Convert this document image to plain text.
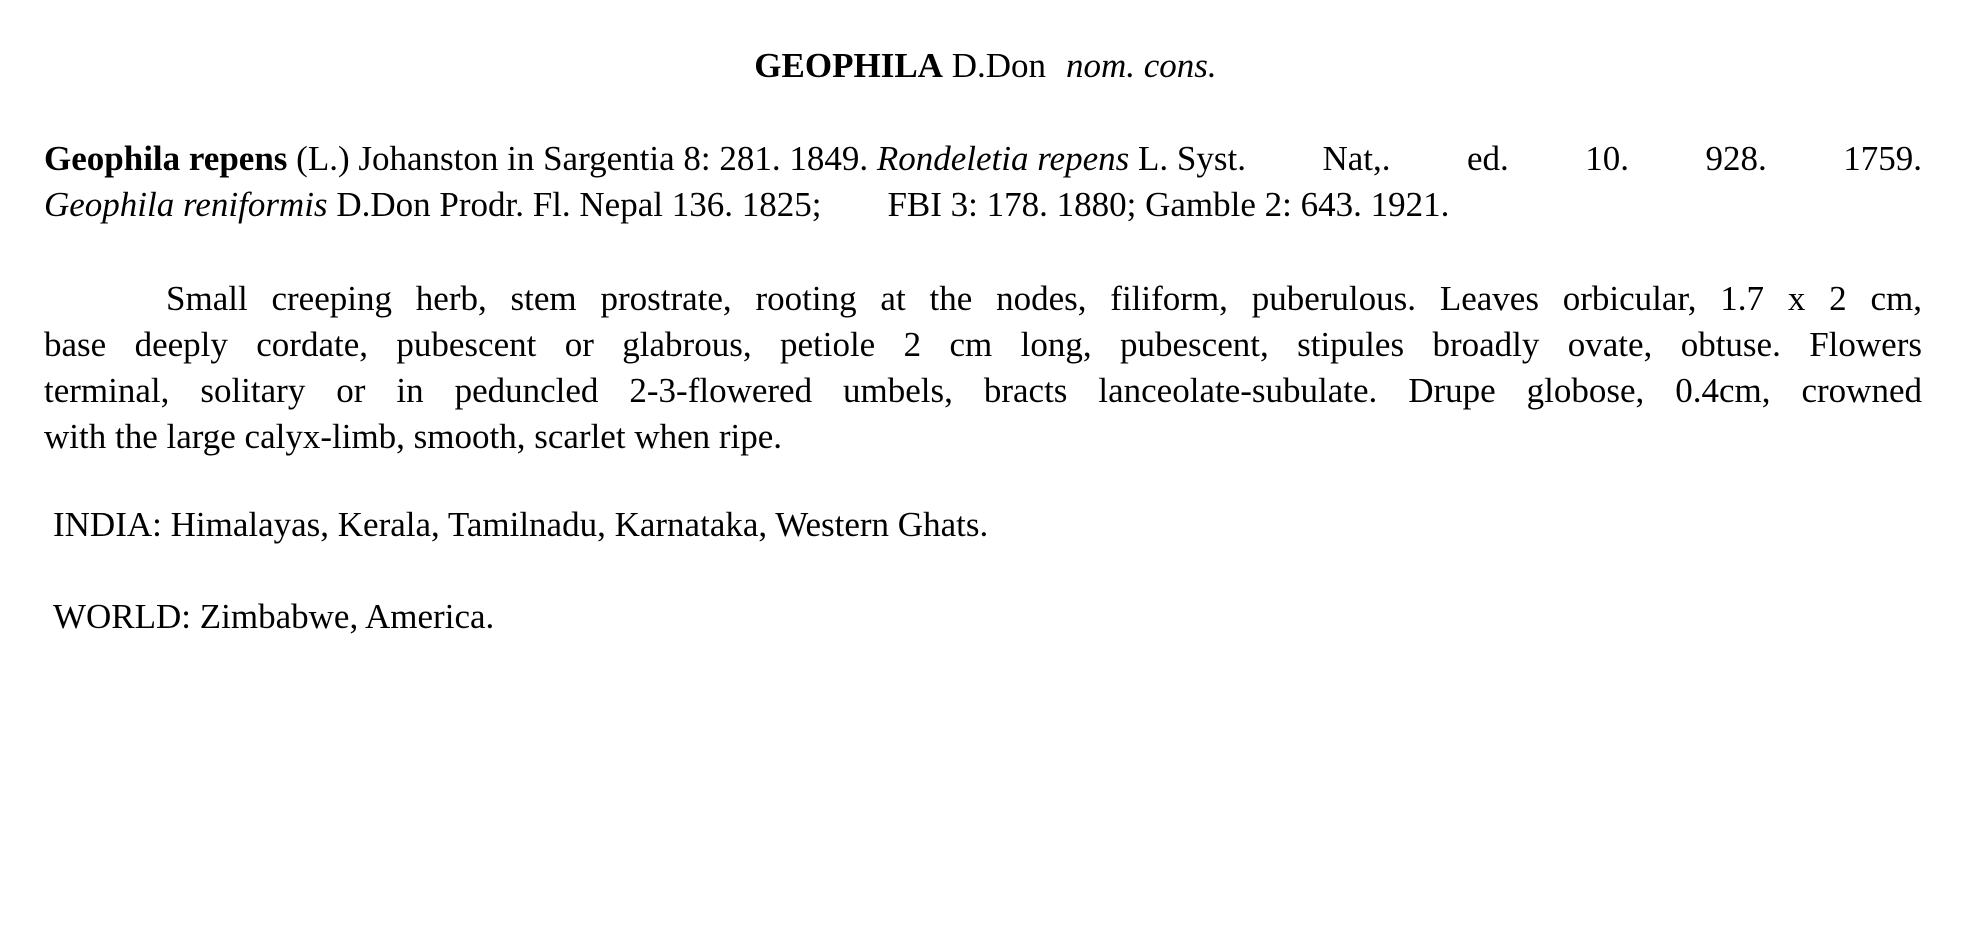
GEOPHILA D.Don nom. cons.
Geophila repens (L.) Johanston in Sargentia 8: 281. 1849. Rondeletia repens L. Syst. Nat,. ed. 10. 928. 1759.
Geophila reniformis D.Don Prodr. Fl. Nepal 136. 1825; FBI 3: 178. 1880; Gamble 2: 643. 1921.
Small creeping herb, stem prostrate, rooting at the nodes, filiform, puberulous. Leaves orbicular, 1.7 x 2 cm,
base deeply cordate, pubescent or glabrous, petiole 2 cm long, pubescent, stipules broadly ovate, obtuse. Flowers
terminal, solitary or in peduncled 2-3-flowered umbels, bracts lanceolate-subulate. Drupe globose, 0.4cm, crowned
with the large calyx-limb, smooth, scarlet when ripe.
INDIA: Himalayas, Kerala, Tamilnadu, Karnataka, Western Ghats.
WORLD: Zimbabwe, America.
